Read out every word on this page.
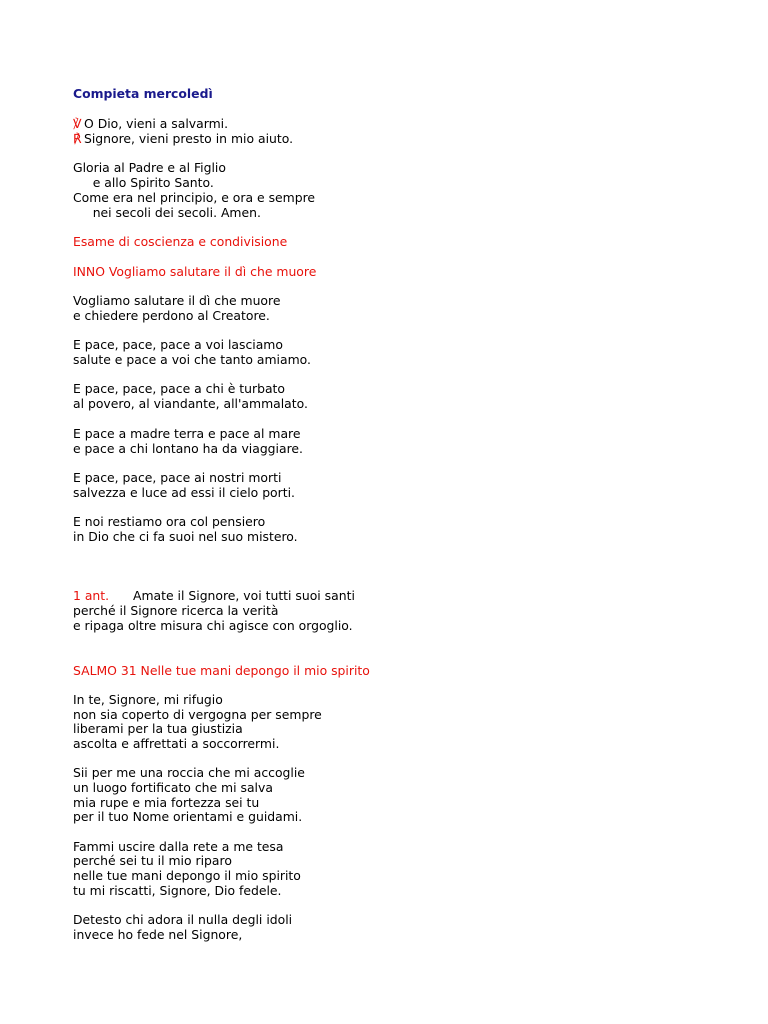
Compieta mercoledì
℣ O Dio, vieni a salvarmi.
℟ Signore, vieni presto in mio aiuto.
Gloria al Padre e al Figlio
e allo Spirito Santo.
Come era nel principio, e ora e sempre
nei secoli dei secoli. Amen.
Esame di coscienza e condivisione
INNO Vogliamo salutare il dì che muore
Vogliamo salutare il dì che muore
e chiedere perdono al Creatore.
E pace, pace, pace a voi lasciamo
salute e pace a voi che tanto amiamo.
E pace, pace, pace a chi è turbato
al povero, al viandante, all'ammalato.
E pace a madre terra e pace al mare
e pace a chi lontano ha da viaggiare.
E pace, pace, pace ai nostri morti
salvezza e luce ad essi il cielo porti.
E noi restiamo ora col pensiero
in Dio che ci fa suoi nel suo mistero.
1 ant. Amate il Signore, voi tutti suoi santi
perché il Signore ricerca la verità
e ripaga oltre misura chi agisce con orgoglio.
SALMO 31 Nelle tue mani depongo il mio spirito
In te, Signore, mi rifugio
non sia coperto di vergogna per sempre
liberami per la tua giustizia
ascolta e affrettati a soccorrermi.
Sii per me una roccia che mi accoglie
un luogo fortificato che mi salva
mia rupe e mia fortezza sei tu
per il tuo Nome orientami e guidami.
Fammi uscire dalla rete a me tesa
perché sei tu il mio riparo
nelle tue mani depongo il mio spirito
tu mi riscatti, Signore, Dio fedele.
Detesto chi adora il nulla degli idoli
invece ho fede nel Signore,
